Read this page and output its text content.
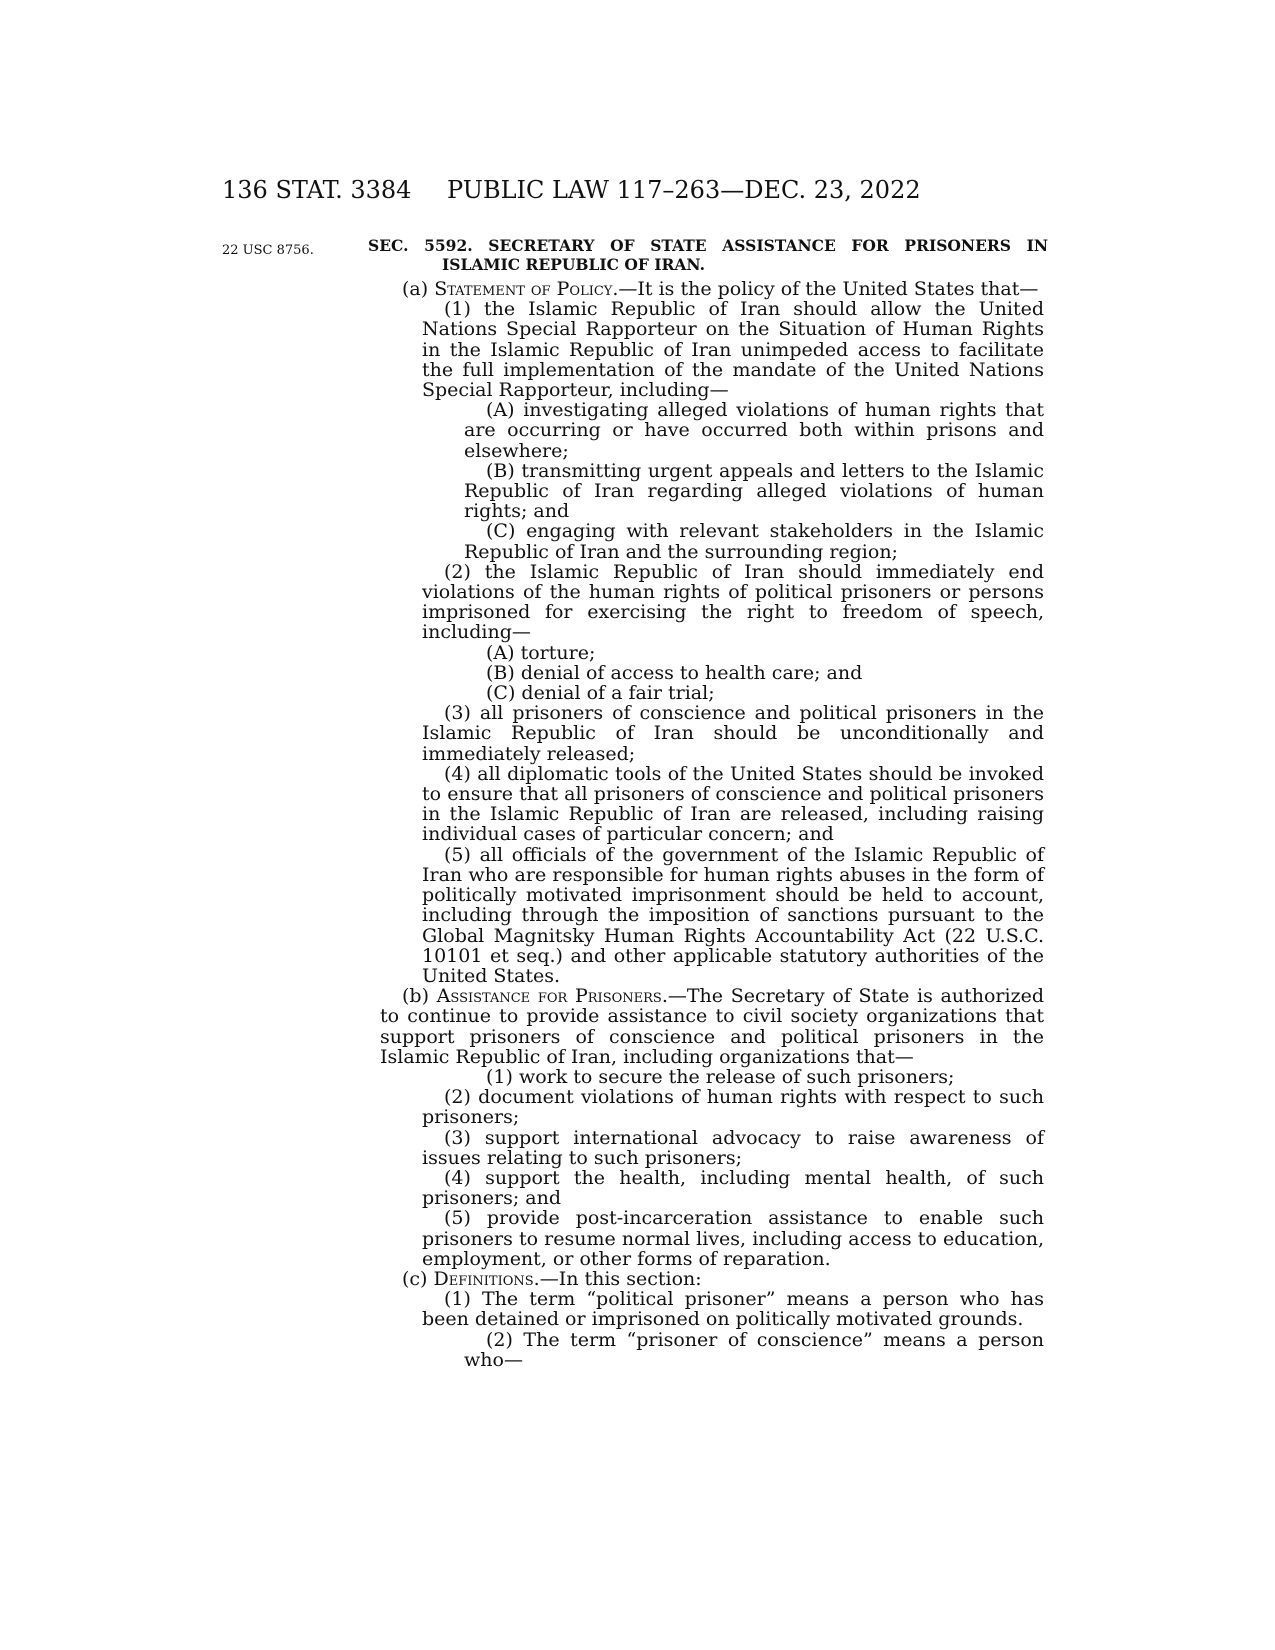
136 STAT. 3384 PUBLIC LAW 117–263—DEC. 23, 2022
22 USC 8756.	SEC. 5592. SECRETARY OF STATE ASSISTANCE FOR PRISONERS IN
ISLAMIC REPUBLIC OF IRAN.

(a) Statement of Policy.—It is the policy of the United States that—

(1) the Islamic Republic of Iran should allow the United Nations Special Rapporteur on the Situation of Human Rights in the Islamic Republic of Iran unimpeded access to facilitate the full implementation of the mandate of the United Nations Special Rapporteur, including—

(A) investigating alleged violations of human rights that are occurring or have occurred both within prisons and elsewhere;

(B) transmitting urgent appeals and letters to the Islamic Republic of Iran regarding alleged violations of human rights; and

(C) engaging with relevant stakeholders in the Islamic Republic of Iran and the surrounding region;

(2) the Islamic Republic of Iran should immediately end violations of the human rights of political prisoners or persons imprisoned for exercising the right to freedom of speech, including—

(A) torture;

(B) denial of access to health care; and

(C) denial of a fair trial;

(3) all prisoners of conscience and political prisoners in the Islamic Republic of Iran should be unconditionally and immediately released;

(4) all diplomatic tools of the United States should be invoked to ensure that all prisoners of conscience and political prisoners in the Islamic Republic of Iran are released, including raising individual cases of particular concern; and

(5) all officials of the government of the Islamic Republic of Iran who are responsible for human rights abuses in the form of politically motivated imprisonment should be held to account, including through the imposition of sanctions pursuant to the Global Magnitsky Human Rights Accountability Act (22 U.S.C. 10101 et seq.) and other applicable statutory authorities of the United States.

(b) Assistance for Prisoners.—The Secretary of State is authorized to continue to provide assistance to civil society organizations that support prisoners of conscience and political prisoners in the Islamic Republic of Iran, including organizations that—

(1) work to secure the release of such prisoners;

(2) document violations of human rights with respect to such prisoners;

(3) support international advocacy to raise awareness of issues relating to such prisoners;

(4) support the health, including mental health, of such prisoners; and

(5) provide post-incarceration assistance to enable such prisoners to resume normal lives, including access to education, employment, or other forms of reparation.

(c) Definitions.—In this section:

(1) The term “political prisoner” means a person who has been detained or imprisoned on politically motivated grounds.

(2) The term “prisoner of conscience” means a person who—
